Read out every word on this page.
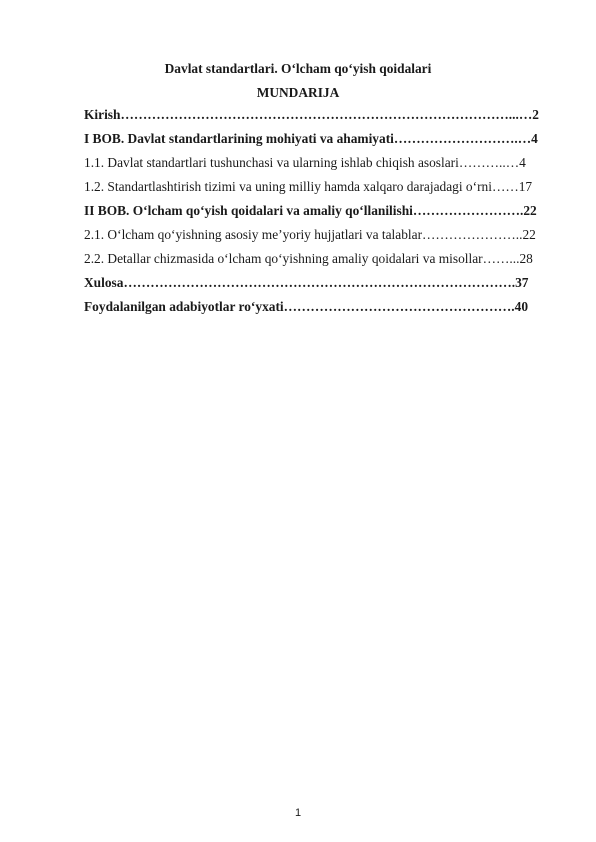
Davlat standartlari. O‘lcham qo‘yish qoidalari
MUNDARIJA
Kirish……………………………………………………………………………...…2
I BOB. Davlat standartlarining mohiyati va ahamiyati……………………….…4
1.1. Davlat standartlari tushunchasi va ularning ishlab chiqish asoslari………..…4
1.2. Standartlashtirish tizimi va uning milliy hamda xalqaro darajadagi o‘rni……17
II BOB. O‘lcham qo‘yish qoidalari va amaliy qo‘llanilishi…………………….22
2.1. O‘lcham qo‘yishning asosiy me’yoriy hujjatlari va talablar…………………..22
2.2. Detallar chizmasida o‘lcham qo‘yishning amaliy qoidalari va misollar……...28
Xulosa…………………………………………………………………………….37
Foydalanilgan adabiyotlar ro‘yxati…………………………………………….40
1
